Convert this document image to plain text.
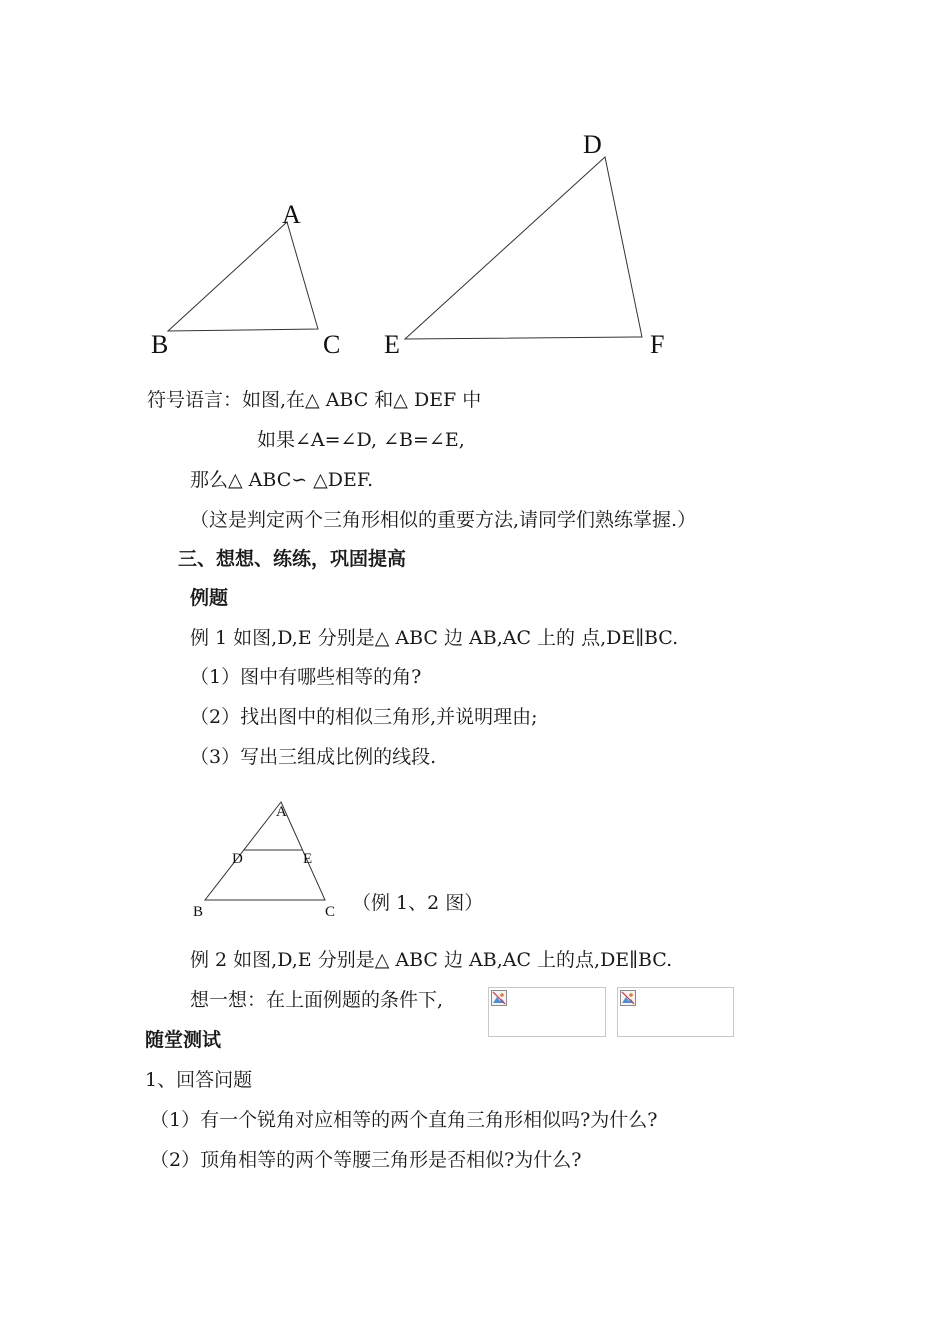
A
B	C
D
E	F
A
D	E
B	C （例 1、2 图）
符号语言：如图,在△ ABC 和△ DEF 中
如果∠A=∠D, ∠B=∠E,
那么△ ABC∽ △DEF.
（这是判定两个三角形相似的重要方法,请同学们熟练掌握.）
三、想想、练练，巩固提高
例题
例 1 如图,D,E 分别是△ ABC 边 AB,AC 上的 点,DE∥BC.
（1）图中有哪些相等的角?
（2）找出图中的相似三角形,并说明理由;
（3）写出三组成比例的线段.
例 2 如图,D,E 分别是△ ABC 边 AB,AC 上的点,DE∥BC.
想一想：在上面例题的条件下,
随堂测试
1、回答问题
（1）有一个锐角对应相等的两个直角三角形相似吗?为什么?
（2）顶角相等的两个等腰三角形是否相似?为什么?
